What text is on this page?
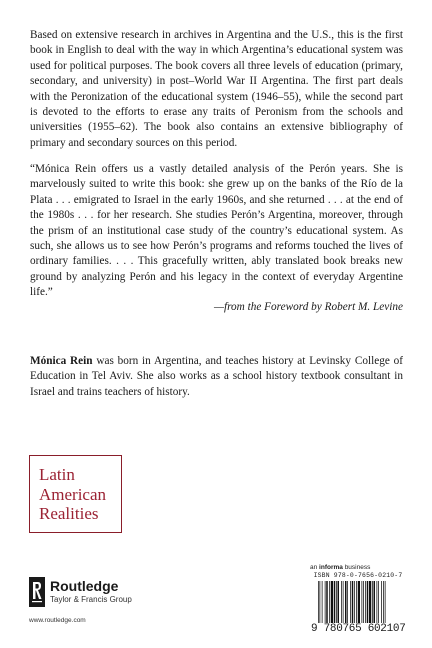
Based on extensive research in archives in Argentina and the U.S., this is the first book in English to deal with the way in which Argentina’s educational system was used for political purposes. The book covers all three levels of education (primary, secondary, and university) in post–World War II Argentina. The first part deals with the Peronization of the educational system (1946–55), while the second part is devoted to the efforts to erase any traits of Peronism from the schools and universities (1955–62). The book also contains an extensive bibliography of primary and secondary sources on this period.

“Mónica Rein offers us a vastly detailed analysis of the Perón years. She is marvelously suited to write this book: she grew up on the banks of the Río de la Plata . . . emigrated to Israel in the early 1960s, and she returned . . . at the end of the 1980s . . . for her research. She studies Perón’s Argentina, moreover, through the prism of an institutional case study of the country’s educational system. As such, she allows us to see how Perón’s programs and reforms touched the lives of ordinary families. . . . This gracefully written, ably translated book breaks new ground by analyzing Perón and his legacy in the context of everyday Argentine life.”

—from the Foreword by Robert M. Levine

Mónica Rein was born in Argentina, and teaches history at Levinsky College of Education in Tel Aviv. She also works as a school history textbook consultant in Israel and trains teachers of history.

Latin
American
Realities
an informa business
Routledge
Taylor & Francis Group
www.routledge.com
ISBN 978-0-7656-0210-7
9 780765 602107
